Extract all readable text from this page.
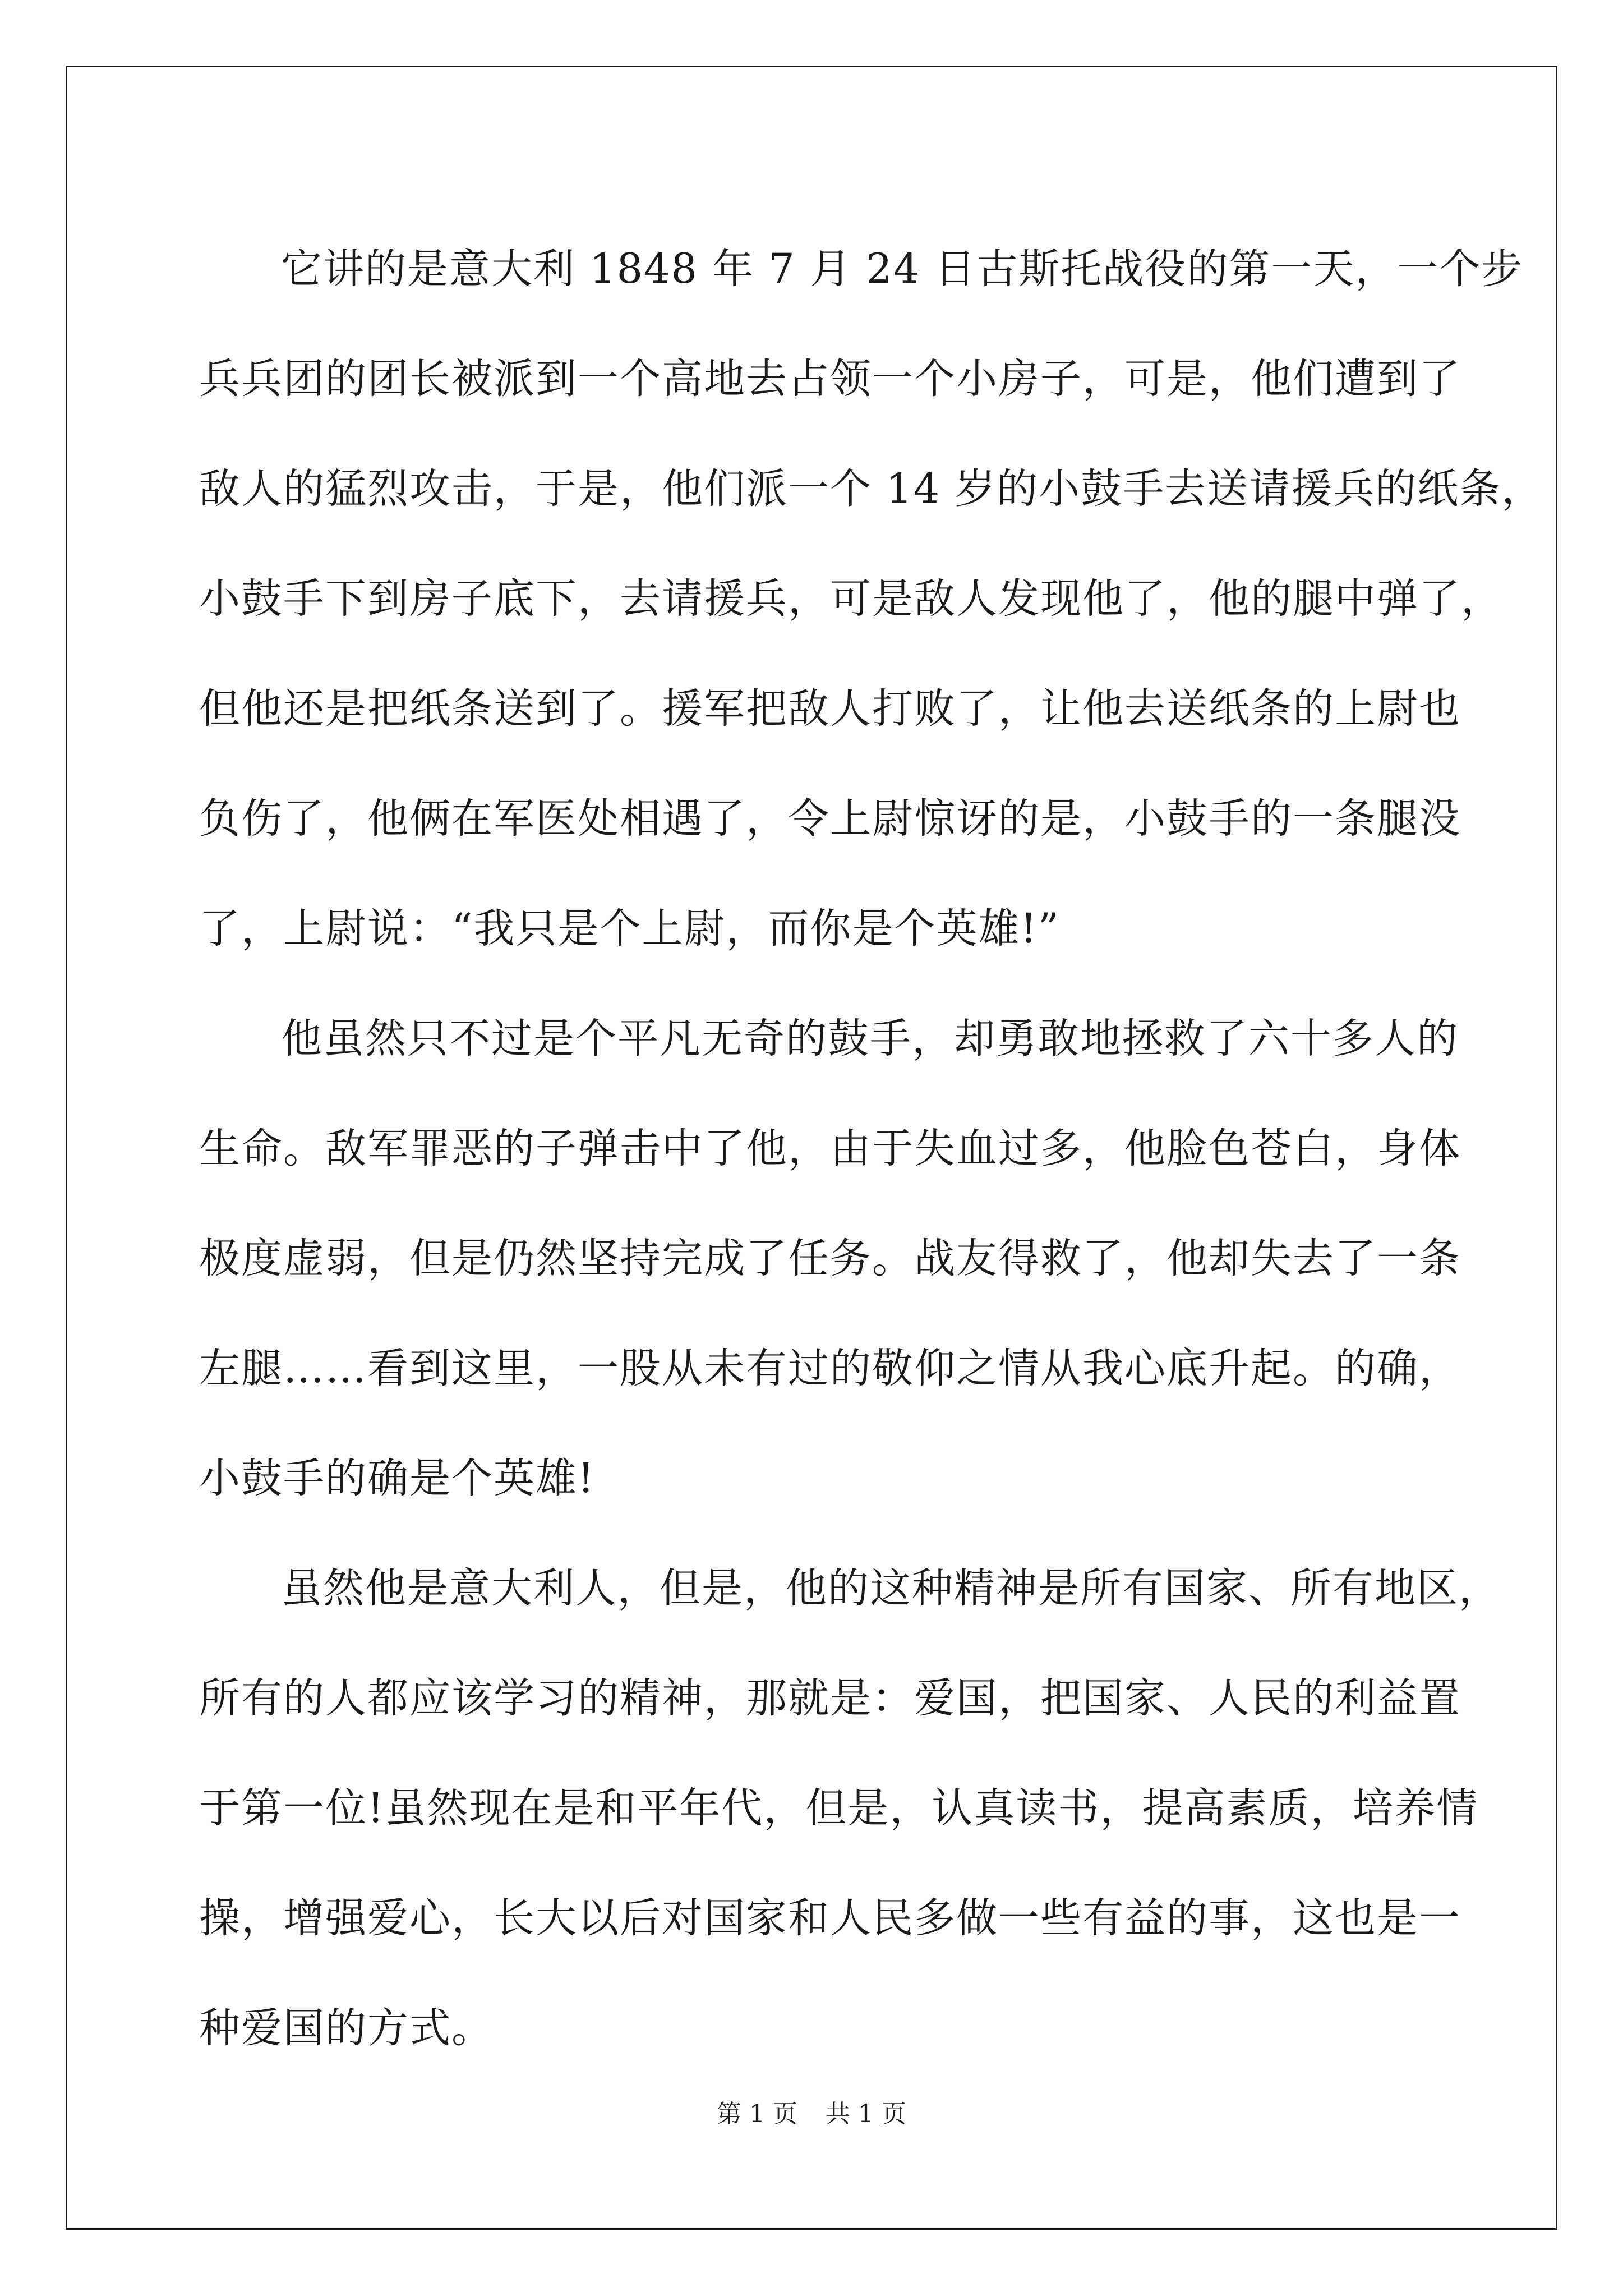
它讲的是意大利 1848 年 7 月 24 日古斯托战役的第一天，一个步
兵兵团的团长被派到一个高地去占领一个小房子，可是，他们遭到了
敌人的猛烈攻击，于是，他们派一个 14 岁的小鼓手去送请援兵的纸条，
小鼓手下到房子底下，去请援兵，可是敌人发现他了，他的腿中弹了，
但他还是把纸条送到了。援军把敌人打败了，让他去送纸条的上尉也
负伤了，他俩在军医处相遇了，令上尉惊讶的是，小鼓手的一条腿没
了，上尉说：“我只是个上尉，而你是个英雄!”
他虽然只不过是个平凡无奇的鼓手，却勇敢地拯救了六十多人的
生命。敌军罪恶的子弹击中了他，由于失血过多，他脸色苍白，身体
极度虚弱，但是仍然坚持完成了任务。战友得救了，他却失去了一条
左腿……看到这里，一股从未有过的敬仰之情从我心底升起。的确，
小鼓手的确是个英雄!
虽然他是意大利人，但是，他的这种精神是所有国家、所有地区，
所有的人都应该学习的精神，那就是：爱国，把国家、人民的利益置
于第一位!虽然现在是和平年代，但是，认真读书，提高素质，培养情
操，增强爱心，长大以后对国家和人民多做一些有益的事，这也是一
种爱国的方式。
第 1 页 共 1 页
